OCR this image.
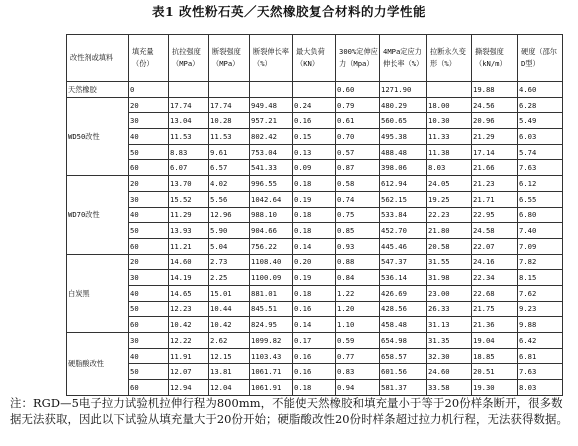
表1 改性粉石英／天然橡胶复合材料的力学性能
改性剂或填料	填充量（份）	抗拉强度（MPa）	断裂强度（MPa）	断裂伸长率（%）	最大负荷（KN）	300%定伸应力（Mpa）	4MPa定应力伸长率（%）	拉断永久变形（%）	撕裂强度（kN/m）	硬度（邵尔D型）
天然橡胶	0					0.60	1271.90		19.88	4.60
WD50改性	20	17.74	17.74	949.48	0.24	0.79	480.29	18.00	24.56	6.28
	30	13.04	10.28	957.21	0.16	0.61	560.65	10.30	20.96	5.49
	40	11.53	11.53	802.42	0.15	0.70	495.38	11.33	21.29	6.03
	50	8.83	9.61	753.04	0.13	0.57	488.48	11.38	17.14	5.74
	60	6.07	6.57	541.33	0.09	0.87	398.06	8.03	21.66	7.63
WD70改性	20	13.70	4.02	996.55	0.18	0.58	612.94	24.05	21.23	6.12
	30	15.52	5.56	1042.64	0.19	0.74	562.15	19.25	21.71	6.55
	40	11.29	12.96	988.10	0.18	0.75	533.84	22.23	22.95	6.80
	50	13.93	5.90	904.66	0.18	0.85	452.70	21.80	24.58	7.40
	60	11.21	5.04	756.22	0.14	0.93	445.46	20.58	22.07	7.09
白炭黑	20	14.60	2.73	1108.40	0.20	0.88	547.37	31.55	24.16	7.82
	30	14.19	2.25	1100.09	0.19	0.84	536.14	31.98	22.34	8.15
	40	14.65	15.01	881.01	0.18	1.22	426.69	23.00	22.68	7.62
	50	12.23	10.44	845.51	0.16	1.20	428.56	26.33	21.75	9.23
	60	10.42	10.42	824.95	0.14	1.10	458.48	31.13	21.36	9.88
硬脂酸改性	30	12.22	2.62	1099.82	0.17	0.59	654.98	31.35	19.04	6.42
	40	11.91	12.15	1103.43	0.16	0.77	658.57	32.30	18.85	6.81
	50	12.07	13.81	1061.71	0.16	0.83	601.56	24.60	20.51	7.63
	60	12.94	12.04	1061.91	0.18	0.94	581.37	33.58	19.30	8.03
注：RGD—5电子拉力试验机拉伸行程为800mm，不能使天然橡胶和填充量小于等于20份样条断开，很多数据无法获取，因此以下试验从填充量大于20份开始；硬脂酸改性20份时样条超过拉力机行程，无法获得数据。
